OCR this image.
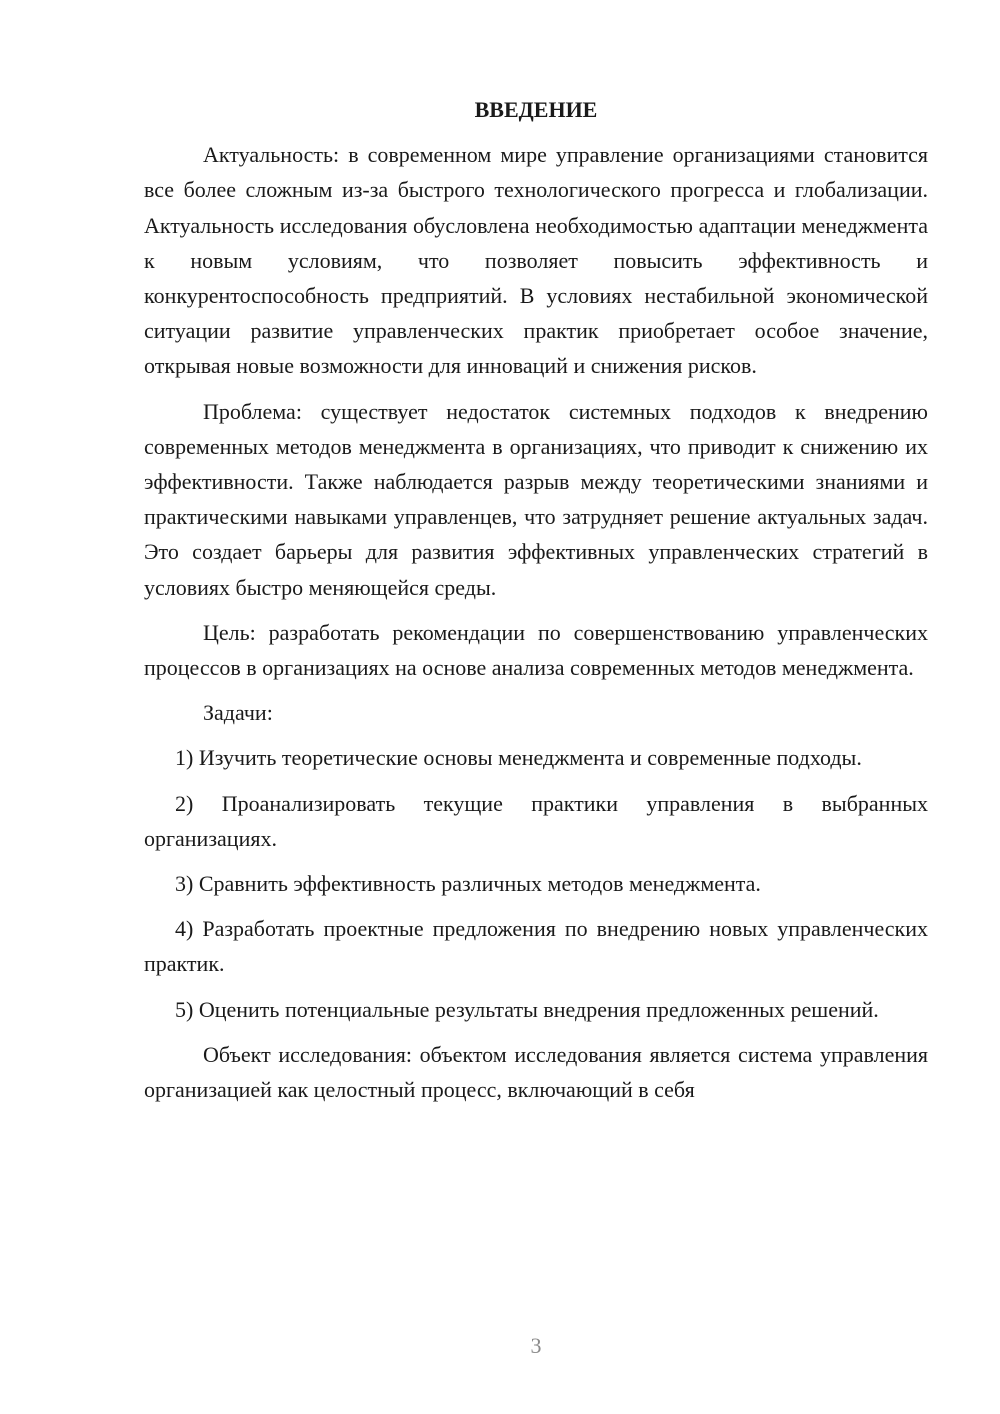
ВВЕДЕНИЕ

Актуальность: в современном мире управление организациями становится все более сложным из-за быстрого технологического прогресса и глобализации. Актуальность исследования обусловлена необходимостью адаптации менеджмента к новым условиям, что позволяет повысить эффективность и конкурентоспособность предприятий. В условиях нестабильной экономической ситуации развитие управленческих практик приобретает особое значение, открывая новые возможности для инноваций и снижения рисков.

Проблема: существует недостаток системных подходов к внедрению современных методов менеджмента в организациях, что приводит к снижению их эффективности. Также наблюдается разрыв между теоретическими знаниями и практическими навыками управленцев, что затрудняет решение актуальных задач. Это создает барьеры для развития эффективных управленческих стратегий в условиях быстро меняющейся среды.

Цель: разработать рекомендации по совершенствованию управленческих процессов в организациях на основе анализа современных методов менеджмента.

Задачи:

1) Изучить теоретические основы менеджмента и современные подходы.

2) Проанализировать текущие практики управления в выбранных организациях.

3) Сравнить эффективность различных методов менеджмента.

4) Разработать проектные предложения по внедрению новых управленческих практик.

5) Оценить потенциальные результаты внедрения предложенных решений.

Объект исследования: объектом исследования является система управления организацией как целостный процесс, включающий в себя

3
